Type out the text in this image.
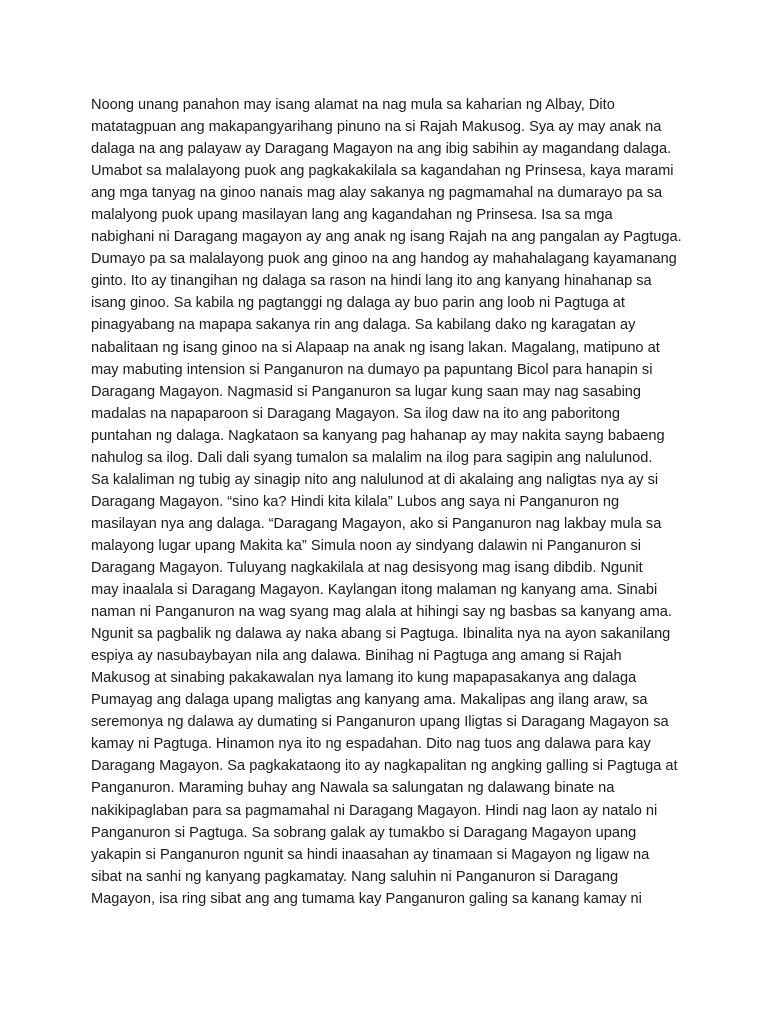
Noong unang panahon may isang alamat na nag mula sa kaharian ng Albay, Dito
matatagpuan ang makapangyarihang pinuno na si Rajah Makusog. Sya ay may anak na
dalaga na ang palayaw ay Daragang Magayon na ang ibig sabihin ay magandang dalaga.
Umabot sa malalayong puok ang pagkakakilala sa kagandahan ng Prinsesa, kaya marami
ang mga tanyag na ginoo nanais mag alay sakanya ng pagmamahal na dumarayo pa sa
malalyong puok upang masilayan lang ang kagandahan ng Prinsesa. Isa sa mga
nabighani ni Daragang magayon ay ang anak ng isang Rajah na ang pangalan ay Pagtuga.
Dumayo pa sa malalayong puok ang ginoo na ang handog ay mahahalagang kayamanang
ginto. Ito ay tinangihan ng dalaga sa rason na hindi lang ito ang kanyang hinahanap sa
isang ginoo. Sa kabila ng pagtanggi ng dalaga ay buo parin ang loob ni Pagtuga at
pinagyabang na mapapa sakanya rin ang dalaga. Sa kabilang dako ng karagatan ay
nabalitaan ng isang ginoo na si Alapaap na anak ng isang lakan. Magalang, matipuno at
may mabuting intension si Panganuron na dumayo pa papuntang Bicol para hanapin si
Daragang Magayon. Nagmasid si Panganuron sa lugar kung saan may nag sasabing
madalas na napaparoon si Daragang Magayon. Sa ilog daw na ito ang paboritong
puntahan ng dalaga. Nagkataon sa kanyang pag hahanap ay may nakita sayng babaeng
nahulog sa ilog. Dali dali syang tumalon sa malalim na ilog para sagipin ang nalulunod.
Sa kalaliman ng tubig ay sinagip nito ang nalulunod at di akalaing ang naligtas nya ay si
Daragang Magayon. “sino ka? Hindi kita kilala” Lubos ang saya ni Panganuron ng
masilayan nya ang dalaga. “Daragang Magayon, ako si Panganuron nag lakbay mula sa
malayong lugar upang Makita ka” Simula noon ay sindyang dalawin ni Panganuron si
Daragang Magayon. Tuluyang nagkakilala at nag desisyong mag isang dibdib. Ngunit
may inaalala si Daragang Magayon. Kaylangan itong malaman ng kanyang ama. Sinabi
naman ni Panganuron na wag syang mag alala at hihingi say ng basbas sa kanyang ama.
Ngunit sa pagbalik ng dalawa ay naka abang si Pagtuga. Ibinalita nya na ayon sakanilang
espiya ay nasubaybayan nila ang dalawa. Binihag ni Pagtuga ang amang si Rajah
Makusog at sinabing pakakawalan nya lamang ito kung mapapasakanya ang dalaga
Pumayag ang dalaga upang maligtas ang kanyang ama. Makalipas ang ilang araw, sa
seremonya ng dalawa ay dumating si Panganuron upang Iligtas si Daragang Magayon sa
kamay ni Pagtuga. Hinamon nya ito ng espadahan. Dito nag tuos ang dalawa para kay
Daragang Magayon. Sa pagkakataong ito ay nagkapalitan ng angking galling si Pagtuga at
Panganuron. Maraming buhay ang Nawala sa salungatan ng dalawang binate na
nakikipaglaban para sa pagmamahal ni Daragang Magayon. Hindi nag laon ay natalo ni
Panganuron si Pagtuga. Sa sobrang galak ay tumakbo si Daragang Magayon upang
yakapin si Panganuron ngunit sa hindi inaasahan ay tinamaan si Magayon ng ligaw na
sibat na sanhi ng kanyang pagkamatay. Nang saluhin ni Panganuron si Daragang
Magayon, isa ring sibat ang ang tumama kay Panganuron galing sa kanang kamay ni
